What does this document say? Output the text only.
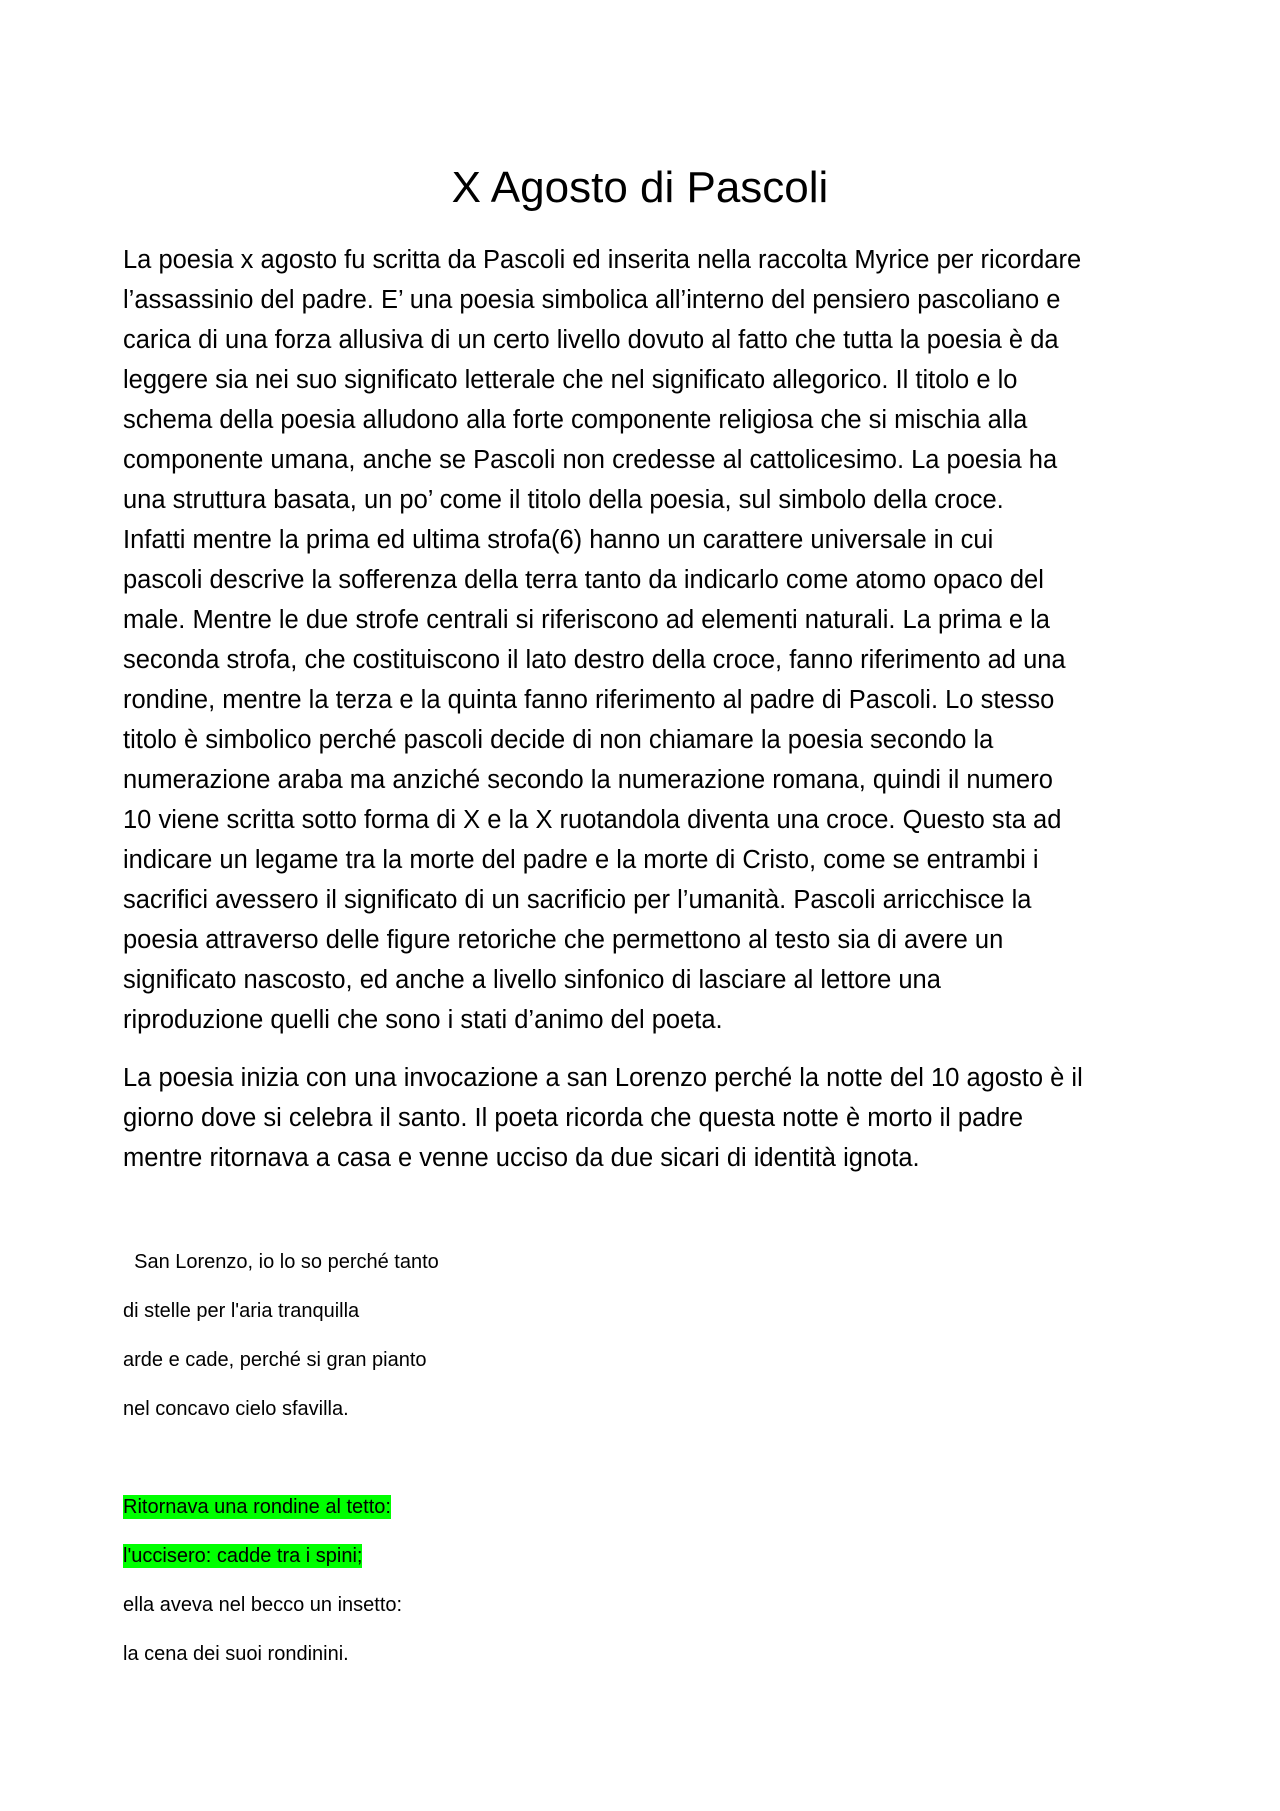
X Agosto di Pascoli

La poesia x agosto fu scritta da Pascoli ed inserita nella raccolta Myrice per ricordare
l’assassinio del padre. E’ una poesia simbolica all’interno del pensiero pascoliano e
carica di una forza allusiva di un certo livello dovuto al fatto che tutta la poesia è da
leggere sia nei suo significato letterale che nel significato allegorico. Il titolo e lo
schema della poesia alludono alla forte componente religiosa che si mischia alla
componente umana, anche se Pascoli non credesse al cattolicesimo. La poesia ha
una struttura basata, un po’ come il titolo della poesia, sul simbolo della croce.
Infatti mentre la prima ed ultima strofa(6) hanno un carattere universale in cui
pascoli descrive la sofferenza della terra tanto da indicarlo come atomo opaco del
male. Mentre le due strofe centrali si riferiscono ad elementi naturali. La prima e la
seconda strofa, che costituiscono il lato destro della croce, fanno riferimento ad una
rondine, mentre la terza e la quinta fanno riferimento al padre di Pascoli. Lo stesso
titolo è simbolico perché pascoli decide di non chiamare la poesia secondo la
numerazione araba ma anziché secondo la numerazione romana, quindi il numero
10 viene scritta sotto forma di X e la X ruotandola diventa una croce. Questo sta ad
indicare un legame tra la morte del padre e la morte di Cristo, come se entrambi i
sacrifici avessero il significato di un sacrificio per l’umanità. Pascoli arricchisce la
poesia attraverso delle figure retoriche che permettono al testo sia di avere un
significato nascosto, ed anche a livello sinfonico di lasciare al lettore una
riproduzione quelli che sono i stati d’animo del poeta.

La poesia inizia con una invocazione a san Lorenzo perché la notte del 10 agosto è il
giorno dove si celebra il santo. Il poeta ricorda che questa notte è morto il padre
mentre ritornava a casa e venne ucciso da due sicari di identità ignota.

San Lorenzo, io lo so perché tanto
di stelle per l'aria tranquilla
arde e cade, perché si gran pianto
nel concavo cielo sfavilla.
Ritornava una rondine al tetto:
l'uccisero: cadde tra i spini;
ella aveva nel becco un insetto:
la cena dei suoi rondinini.
